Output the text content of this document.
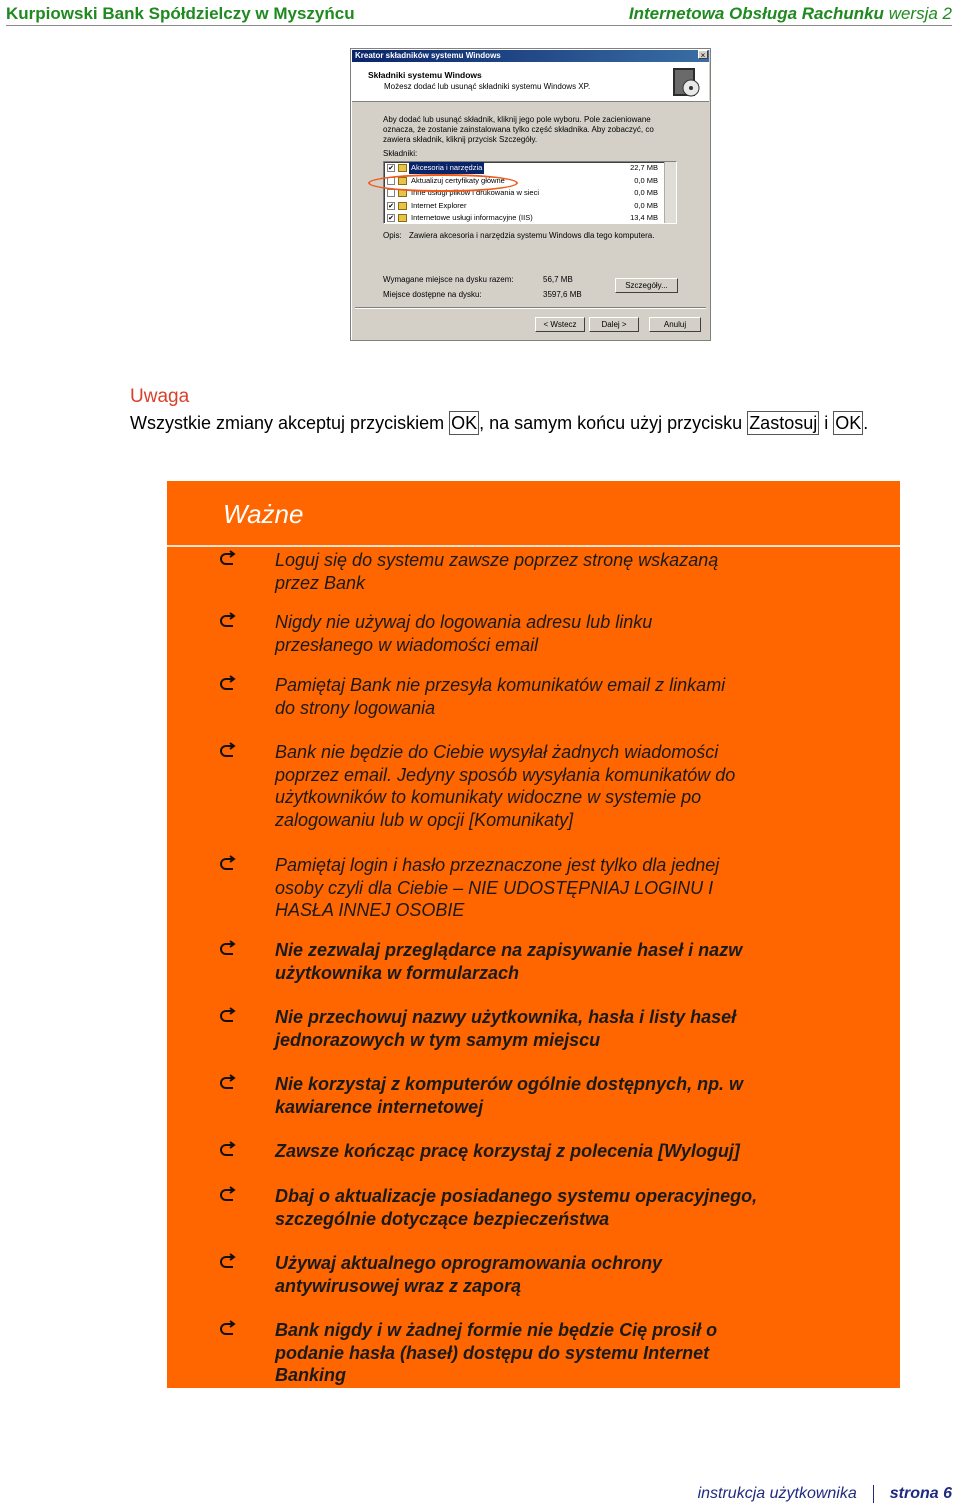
Kurpiowski Bank Spółdzielczy w Myszyńcu	Internetowa Obsługa Rachunku wersja 2
Kreator składników systemu Windows	×
Składniki systemu Windows
Możesz dodać lub usunąć składniki systemu Windows XP.
Aby dodać lub usunąć składnik, kliknij jego pole wyboru. Pole zacieniowane oznacza, że zostanie zainstalowana tylko część składnika. Aby zobaczyć, co zawiera składnik, kliknij przycisk Szczegóły.
Składniki:
✔ Akcesoria i narzędzia	22,7 MB
Aktualizuj certyfikaty główne	0,0 MB
Inne usługi plików i drukowania w sieci	0,0 MB
✔ Internet Explorer	0,0 MB
✔ Internetowe usługi informacyjne (IIS)	13,4 MB
Opis: Zawiera akcesoria i narzędzia systemu Windows dla tego komputera.
Wymagane miejsce na dysku razem:	56,7 MB
Miejsce dostępne na dysku:	3597,6 MB
Szczegóły...
< Wstecz	Dalej >	Anuluj
Uwaga
Wszystkie zmiany akceptuj przyciskiem OK , na samym końcu użyj przycisku Zastosuj i OK .
Ważne
Loguj się do systemu zawsze poprzez stronę wskazaną
przez Bank
Nigdy nie używaj do logowania adresu lub linku
przesłanego w wiadomości email
Pamiętaj Bank nie przesyła komunikatów email z linkami
do strony logowania
Bank nie będzie do Ciebie wysyłał żadnych wiadomości
poprzez email. Jedyny sposób wysyłania komunikatów do
użytkowników to komunikaty widoczne w systemie po
zalogowaniu lub w opcji [Komunikaty]
Pamiętaj login i hasło przeznaczone jest tylko dla jednej
osoby czyli dla Ciebie – NIE UDOSTĘPNIAJ LOGINU I
HASŁA INNEJ OSOBIE
Nie zezwalaj przeglądarce na zapisywanie haseł i nazw
użytkownika w formularzach
Nie przechowuj nazwy użytkownika, hasła i listy haseł
jednorazowych w tym samym miejscu
Nie korzystaj z komputerów ogólnie dostępnych, np. w
kawiarence internetowej
Zawsze kończąc pracę korzystaj z polecenia [Wyloguj]
Dbaj o aktualizacje posiadanego systemu operacyjnego,
szczególnie dotyczące bezpieczeństwa
Używaj aktualnego oprogramowania ochrony
antywirusowej wraz z zaporą
Bank nigdy i w żadnej formie nie będzie Cię prosił o
podanie hasła (haseł) dostępu do systemu Internet
Banking
instrukcja użytkownika strona 6
